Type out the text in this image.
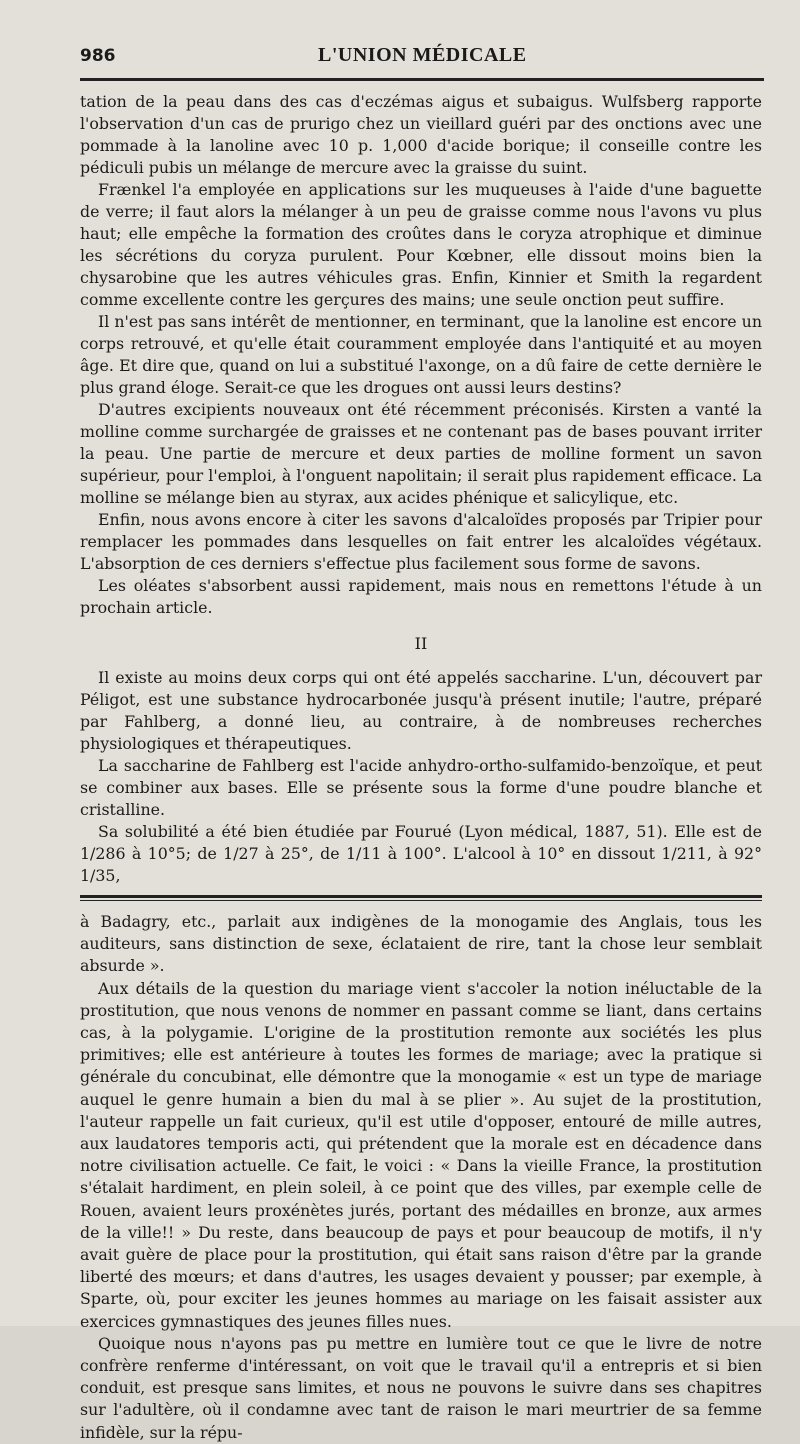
986	L'UNION MÉDICALE

tation de la peau dans des cas d'eczémas aigus et subaigus. Wulfsberg rapporte l'observation d'un cas de prurigo chez un vieillard guéri par des onctions avec une pommade à la lanoline avec 10 p. 1,000 d'acide borique; il conseille contre les pédiculi pubis un mélange de mercure avec la graisse du suint.

Frænkel l'a employée en applications sur les muqueuses à l'aide d'une baguette de verre; il faut alors la mélanger à un peu de graisse comme nous l'avons vu plus haut; elle empêche la formation des croûtes dans le coryza atrophique et diminue les sécrétions du coryza purulent. Pour Kœbner, elle dissout moins bien la chysarobine que les autres véhicules gras. Enfin, Kinnier et Smith la regardent comme excellente contre les gerçures des mains; une seule onction peut suffire.

Il n'est pas sans intérêt de mentionner, en terminant, que la lanoline est encore un corps retrouvé, et qu'elle était couramment employée dans l'antiquité et au moyen âge. Et dire que, quand on lui a substitué l'axonge, on a dû faire de cette dernière le plus grand éloge. Serait-ce que les drogues ont aussi leurs destins?

D'autres excipients nouveaux ont été récemment préconisés. Kirsten a vanté la molline comme surchargée de graisses et ne contenant pas de bases pouvant irriter la peau. Une partie de mercure et deux parties de molline forment un savon supérieur, pour l'emploi, à l'onguent napolitain; il serait plus rapidement efficace. La molline se mélange bien au styrax, aux acides phénique et salicylique, etc.

Enfin, nous avons encore à citer les savons d'alcaloïdes proposés par Tripier pour remplacer les pommades dans lesquelles on fait entrer les alcaloïdes végétaux. L'absorption de ces derniers s'effectue plus facilement sous forme de savons.

Les oléates s'absorbent aussi rapidement, mais nous en remettons l'étude à un prochain article.

II

Il existe au moins deux corps qui ont été appelés saccharine. L'un, découvert par Péligot, est une substance hydrocarbonée jusqu'à présent inutile; l'autre, préparé par Fahlberg, a donné lieu, au contraire, à de nombreuses recherches physiologiques et thérapeutiques.

La saccharine de Fahlberg est l'acide anhydro-ortho-sulfamido-benzoïque, et peut se combiner aux bases. Elle se présente sous la forme d'une poudre blanche et cristalline.

Sa solubilité a été bien étudiée par Fourué (Lyon médical, 1887, 51). Elle est de 1/286 à 10°5; de 1/27 à 25°, de 1/11 à 100°. L'alcool à 10° en dissout 1/211, à 92° 1/35,

à Badagry, etc., parlait aux indigènes de la monogamie des Anglais, tous les auditeurs, sans distinction de sexe, éclataient de rire, tant la chose leur semblait absurde ».

Aux détails de la question du mariage vient s'accoler la notion inéluctable de la prostitution, que nous venons de nommer en passant comme se liant, dans certains cas, à la polygamie. L'origine de la prostitution remonte aux sociétés les plus primitives; elle est antérieure à toutes les formes de mariage; avec la pratique si générale du concubinat, elle démontre que la monogamie « est un type de mariage auquel le genre humain a bien du mal à se plier ». Au sujet de la prostitution, l'auteur rappelle un fait curieux, qu'il est utile d'opposer, entouré de mille autres, aux laudatores temporis acti, qui prétendent que la morale est en décadence dans notre civilisation actuelle. Ce fait, le voici : « Dans la vieille France, la prostitution s'étalait hardiment, en plein soleil, à ce point que des villes, par exemple celle de Rouen, avaient leurs proxénètes jurés, portant des médailles en bronze, aux armes de la ville!! » Du reste, dans beaucoup de pays et pour beaucoup de motifs, il n'y avait guère de place pour la prostitution, qui était sans raison d'être par la grande liberté des mœurs; et dans d'autres, les usages devaient y pousser; par exemple, à Sparte, où, pour exciter les jeunes hommes au mariage on les faisait assister aux exercices gymnastiques des jeunes filles nues.

Quoique nous n'ayons pas pu mettre en lumière tout ce que le livre de notre confrère renferme d'intéressant, on voit que le travail qu'il a entrepris et si bien conduit, est presque sans limites, et nous ne pouvons le suivre dans ses chapitres sur l'adultère, où il condamne avec tant de raison le mari meurtrier de sa femme infidèle, sur la répu-
